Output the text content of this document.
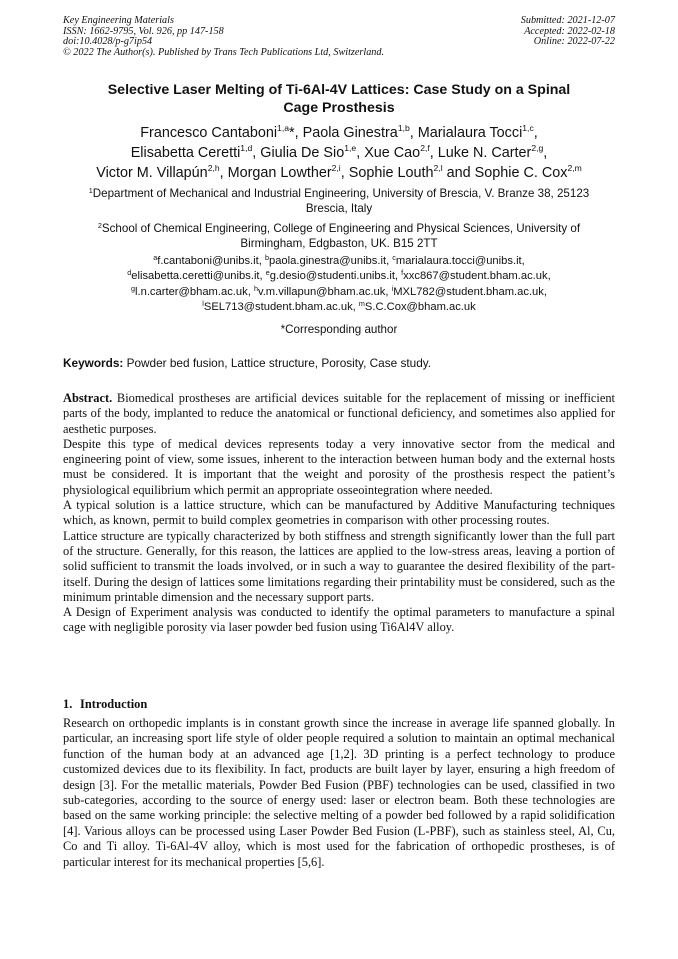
Key Engineering Materials	Submitted: 2021-12-07
ISSN: 1662-9795, Vol. 926, pp 147-158	Accepted: 2022-02-18
doi:10.4028/p-g7ip54	Online: 2022-07-22
© 2022 The Author(s). Published by Trans Tech Publications Ltd, Switzerland.
Selective Laser Melting of Ti-6Al-4V Lattices: Case Study on a Spinal
Cage Prosthesis
Francesco Cantaboni$^{1,a}$*, Paola Ginestra$^{1,b}$, Marialaura Tocci$^{1,c}$,
Elisabetta Ceretti$^{1,d}$, Giulia De Sio$^{1,e}$, Xue Cao$^{2,f}$, Luke N. Carter$^{2,g}$,
Victor M. Villapún$^{2,h}$, Morgan Lowther$^{2,i}$, Sophie Louth$^{2,l}$ and Sophie C. Cox$^{2,m}$
$^1$Department of Mechanical and Industrial Engineering, University of Brescia, V. Branze 38, 25123
Brescia, Italy
$^2$School of Chemical Engineering, College of Engineering and Physical Sciences, University of
Birmingham, Edgbaston, UK. B15 2TT
$^a$f.cantaboni@unibs.it, $^b$paola.ginestra@unibs.it, $^c$marialaura.tocci@unibs.it,
$^d$elisabetta.ceretti@unibs.it, $^e$g.desio@studenti.unibs.it, $^f$xxc867@student.bham.ac.uk,
$^g$l.n.carter@bham.ac.uk, $^h$v.m.villapun@bham.ac.uk, $^i$MXL782@student.bham.ac.uk,
$^l$SEL713@student.bham.ac.uk, $^m$S.C.Cox@bham.ac.uk
*Corresponding author
Keywords: Powder bed fusion, Lattice structure, Porosity, Case study.

Abstract. Biomedical prostheses are artificial devices suitable for the replacement of missing or inefficient parts of the body, implanted to reduce the anatomical or functional deficiency, and sometimes also applied for aesthetic purposes.

Despite this type of medical devices represents today a very innovative sector from the medical and engineering point of view, some issues, inherent to the interaction between human body and the external hosts must be considered. It is important that the weight and porosity of the prosthesis respect the patient’s physiological equilibrium which permit an appropriate osseointegration where needed.

A typical solution is a lattice structure, which can be manufactured by Additive Manufacturing techniques which, as known, permit to build complex geometries in comparison with other processing routes.

Lattice structure are typically characterized by both stiffness and strength significantly lower than the full part of the structure. Generally, for this reason, the lattices are applied to the low-stress areas, leaving a portion of solid sufficient to transmit the loads involved, or in such a way to guarantee the desired flexibility of the part-itself. During the design of lattices some limitations regarding their printability must be considered, such as the minimum printable dimension and the necessary support parts.

A Design of Experiment analysis was conducted to identify the optimal parameters to manufacture a spinal cage with negligible porosity via laser powder bed fusion using Ti6Al4V alloy.

1. Introduction
Research on orthopedic implants is in constant growth since the increase in average life spanned globally. In particular, an increasing sport life style of older people required a solution to maintain an optimal mechanical function of the human body at an advanced age [1,2]. 3D printing is a perfect technology to produce customized devices due to its flexibility. In fact, products are built layer by layer, ensuring a high freedom of design [3]. For the metallic materials, Powder Bed Fusion (PBF) technologies can be used, classified in two sub-categories, according to the source of energy used: laser or electron beam. Both these technologies are based on the same working principle: the selective melting of a powder bed followed by a rapid solidification [4]. Various alloys can be processed using Laser Powder Bed Fusion (L-PBF), such as stainless steel, Al, Cu, Co and Ti alloy. Ti-6Al-4V alloy, which is most used for the fabrication of orthopedic prostheses, is of particular interest for its mechanical properties [5,6].
